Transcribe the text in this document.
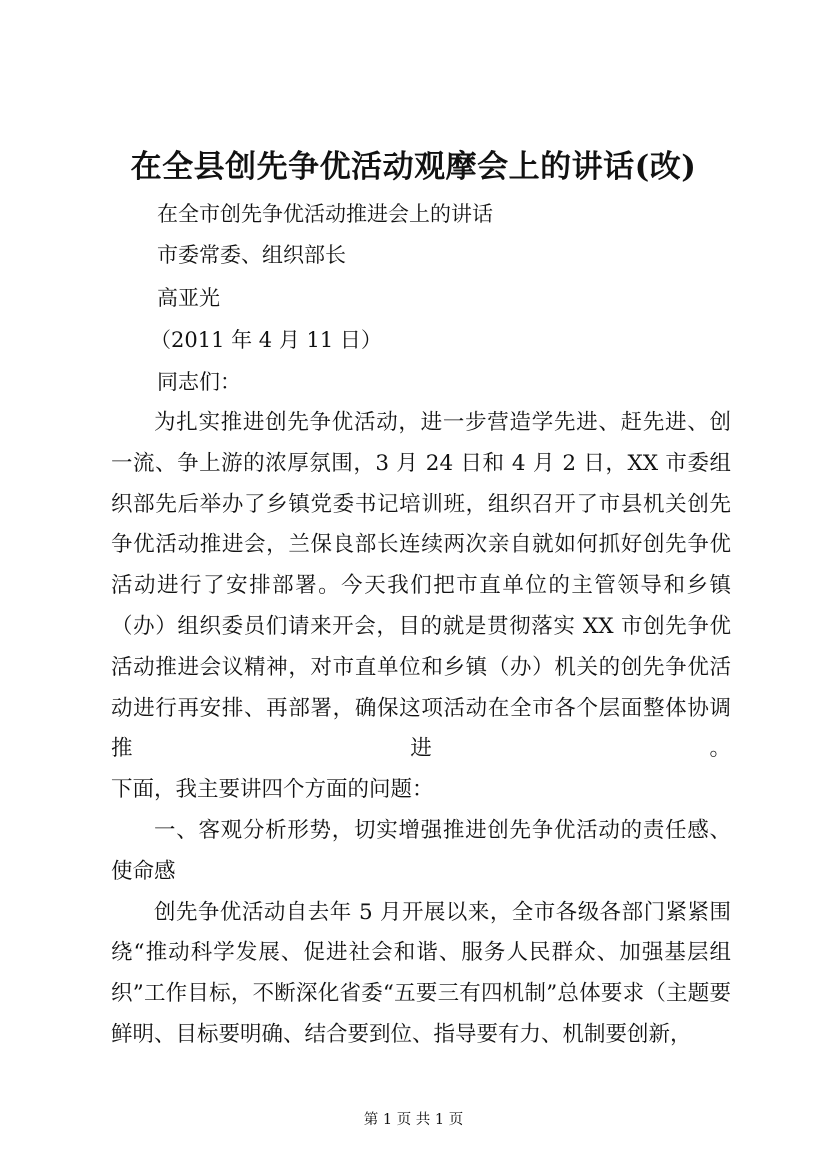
在全县创先争优活动观摩会上的讲话(改)
在全市创先争优活动推进会上的讲话
市委常委、组织部长
高亚光
（2011 年 4 月 11 日）
同志们：

为扎实推进创先争优活动，进一步营造学先进、赶先进、创一流、争上游的浓厚氛围，3 月 24 日和 4 月 2 日，XX 市委组织部先后举办了乡镇党委书记培训班，组织召开了市县机关创先争优活动推进会，兰保良部长连续两次亲自就如何抓好创先争优活动进行了安排部署。今天我们把市直单位的主管领导和乡镇（办）组织委员们请来开会，目的就是贯彻落实 XX 市创先争优活动推进会议精神，对市直单位和乡镇（办）机关的创先争优活动进行再安排、再部署，确保这项活动在全市各个层面整体协调推进。

下面，我主要讲四个方面的问题：

一、客观分析形势，切实增强推进创先争优活动的责任感、使命感

创先争优活动自去年 5 月开展以来，全市各级各部门紧紧围绕“推动科学发展、促进社会和谐、服务人民群众、加强基层组织”工作目标，不断深化省委“五要三有四机制”总体要求（主题要鲜明、目标要明确、结合要到位、指导要有力、机制要创新，

第 1 页 共 1 页
